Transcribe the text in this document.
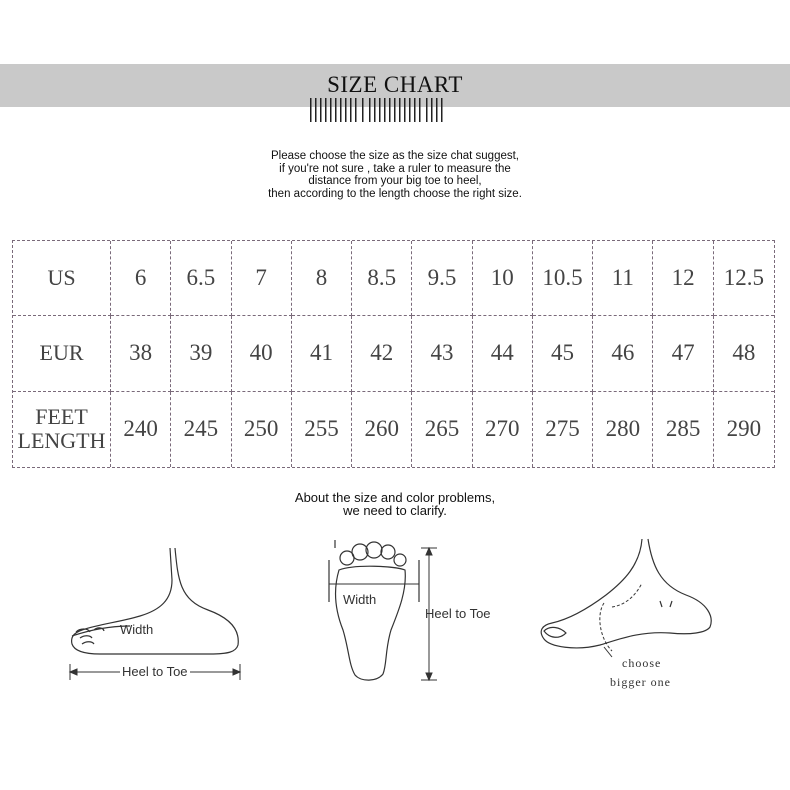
SIZE CHART
Please choose the size as the size chat suggest,
if you're not sure , take a ruler to measure the
distance from your big toe to heel,
then according to the length choose the right size.
US	6	6.5	7	8	8.5	9.5	10	10.5	11	12	12.5
EUR	38	39	40	41	42	43	44	45	46	47	48
FEET
LENGTH 240	245	250	255	260	265	270	275	280	285	290
About the size and color problems,
we need to clarify.
Width
Heel to Toe
Width
Heel to Toe
choose
bigger one
